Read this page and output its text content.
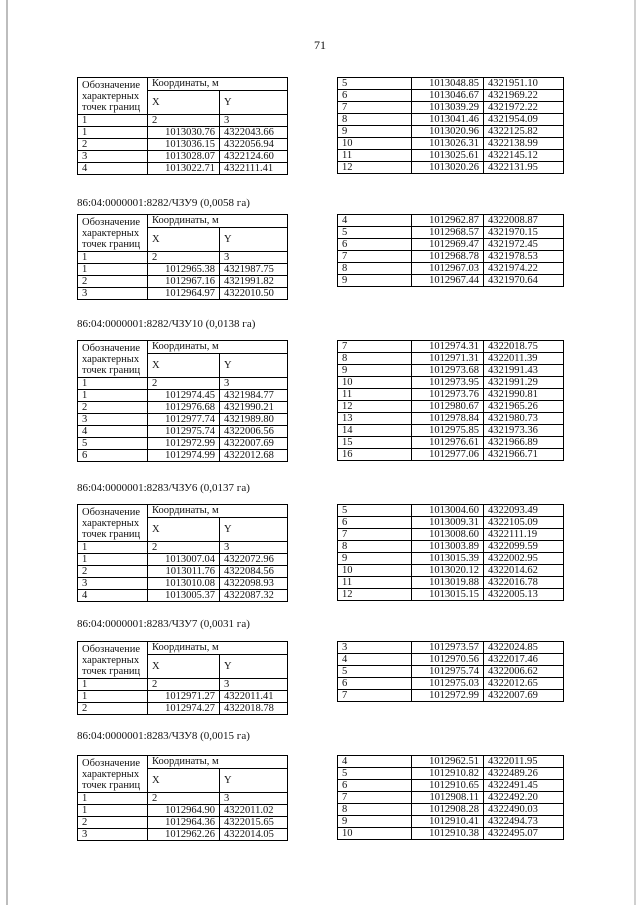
71
Обозначение характерных точек границ	Координаты, м	
	X	Y
1	2	3
1	1013030.76	4322043.66
2	1013036.15	4322056.94
3	1013028.07	4322124.60
4	1013022.71	4322111.41
5	1013048.85	4321951.10
6	1013046.67	4321969.22
7	1013039.29	4321972.22
8	1013041.46	4321954.09
9	1013020.96	4322125.82
10	1013026.31	4322138.99
11	1013025.61	4322145.12
12	1013020.26	4322131.95
86:04:0000001:8282/ЧЗУ9 (0,0058 га)
Обозначение характерных точек границ	Координаты, м	
	X	Y
1	2	3
1	1012965.38	4321987.75
2	1012967.16	4321991.82
3	1012964.97	4322010.50
4	1012962.87	4322008.87
5	1012968.57	4321970.15
6	1012969.47	4321972.45
7	1012968.78	4321978.53
8	1012967.03	4321974.22
9	1012967.44	4321970.64
86:04:0000001:8282/ЧЗУ10 (0,0138 га)
Обозначение характерных точек границ	Координаты, м	
	X	Y
1	2	3
1	1012974.45	4321984.77
2	1012976.68	4321990.21
3	1012977.74	4321989.80
4	1012975.74	4322006.56
5	1012972.99	4322007.69
6	1012974.99	4322012.68
7	1012974.31	4322018.75
8	1012971.31	4322011.39
9	1012973.68	4321991.43
10	1012973.95	4321991.29
11	1012973.76	4321990.81
12	1012980.67	4321965.26
13	1012978.84	4321980.73
14	1012975.85	4321973.36
15	1012976.61	4321966.89
16	1012977.06	4321966.71
86:04:0000001:8283/ЧЗУ6 (0,0137 га)
Обозначение характерных точек границ	Координаты, м	
	X	Y
1	2	3
1	1013007.04	4322072.96
2	1013011.76	4322084.56
3	1013010.08	4322098.93
4	1013005.37	4322087.32
5	1013004.60	4322093.49
6	1013009.31	4322105.09
7	1013008.60	4322111.19
8	1013003.89	4322099.59
9	1013015.39	4322002.95
10	1013020.12	4322014.62
11	1013019.88	4322016.78
12	1013015.15	4322005.13
86:04:0000001:8283/ЧЗУ7 (0,0031 га)
Обозначение характерных точек границ	Координаты, м	
	X	Y
1	2	3
1	1012971.27	4322011.41
2	1012974.27	4322018.78
3	1012973.57	4322024.85
4	1012970.56	4322017.46
5	1012975.74	4322006.62
6	1012975.03	4322012.65
7	1012972.99	4322007.69
86:04:0000001:8283/ЧЗУ8 (0,0015 га)
Обозначение характерных точек границ	Координаты, м	
	X	Y
1	2	3
1	1012964.90	4322011.02
2	1012964.36	4322015.65
3	1012962.26	4322014.05
4	1012962.51	4322011.95
5	1012910.82	4322489.26
6	1012910.65	4322491.45
7	1012908.11	4322492.20
8	1012908.28	4322490.03
9	1012910.41	4322494.73
10	1012910.38	4322495.07
